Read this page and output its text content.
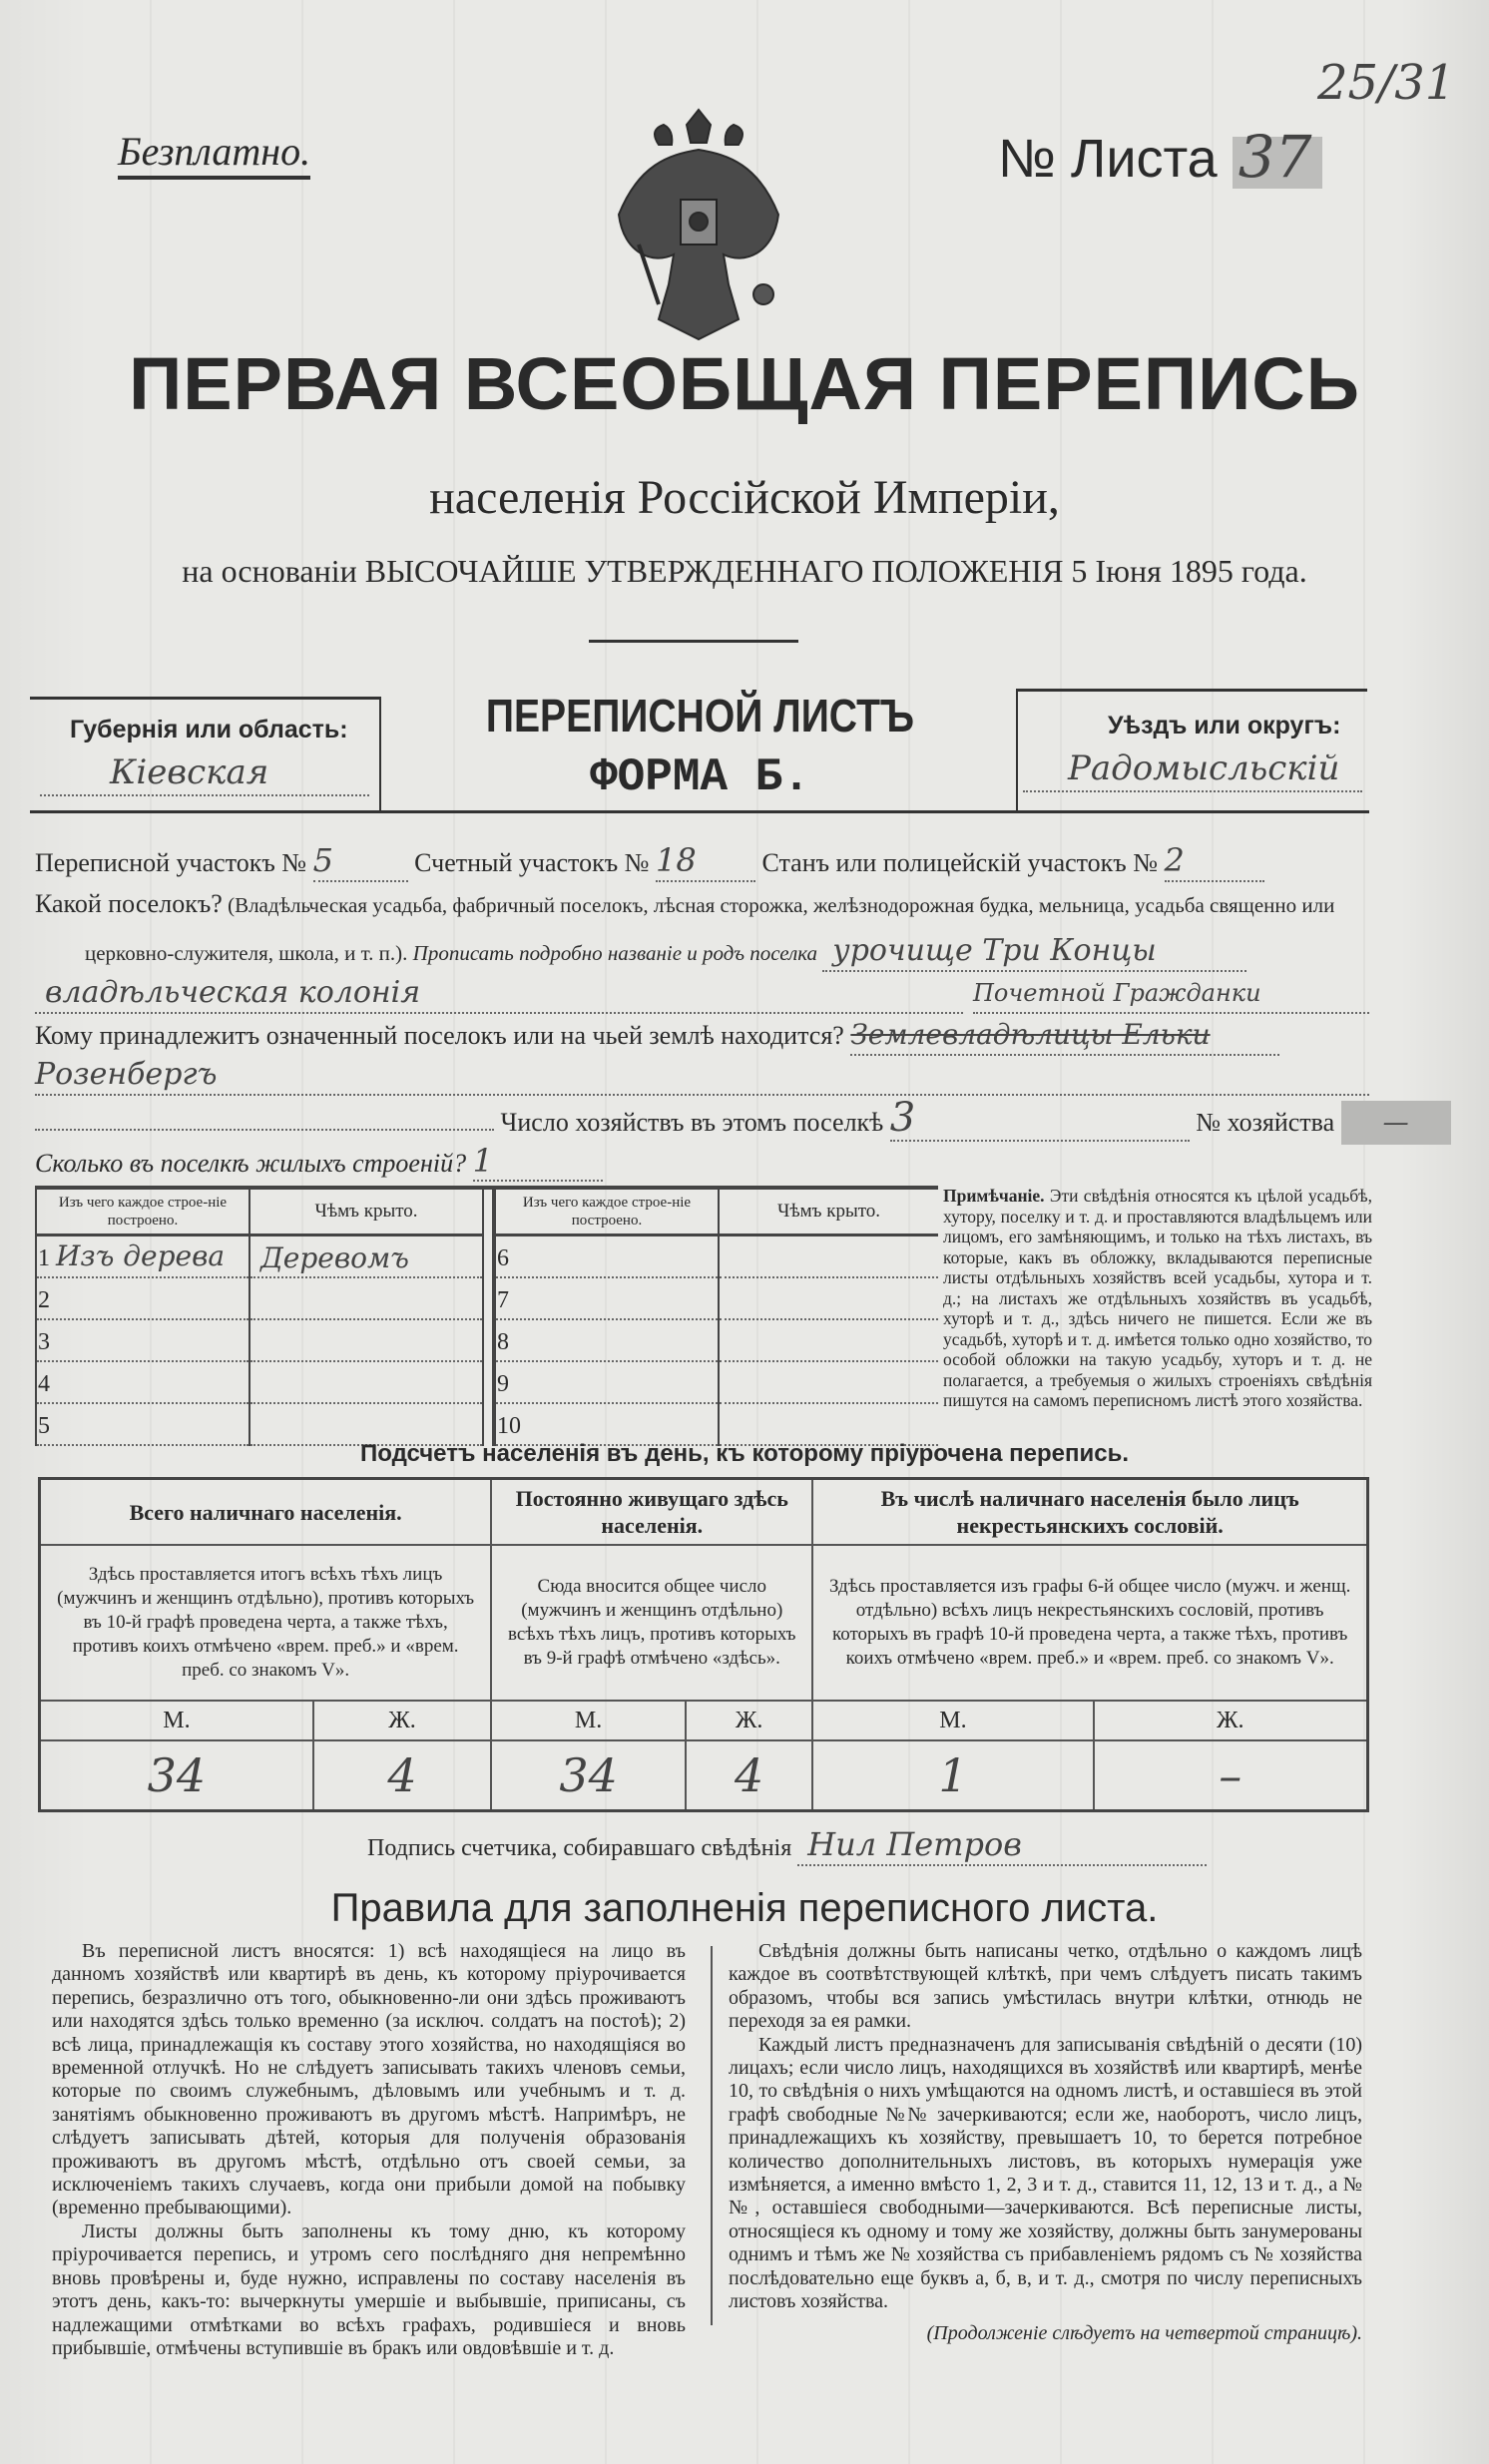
Безплатно.	№ Листа 37
25/31
ПЕРВАЯ ВСЕОБЩАЯ ПЕРЕПИСЬ
населенія Россійской Имперіи,
на основаніи ВЫСОЧАЙШЕ УТВЕРЖДЕННАГО ПОЛОЖЕНІЯ 5 Іюня 1895 года.
Губернія или область:
Кіевская
ПЕРЕПИСНОЙ ЛИСТЪ
ФОРМА Б.
Уѣздъ или округъ:
Радомысльскій
Переписной участокъ № 5	Счетный участокъ № 18	Станъ или полицейскій участокъ № 2
Какой поселокъ? (Владѣльческая усадьба, фабричный поселокъ, лѣсная сторожка, желѣзнодорожная будка, мельница, усадьба священно или
церковно-служителя, школа, и т. п.). Прописать подробно названіе и родъ поселка урочище Три Концы
владѣльческая колонія	Почетной Гражданки
Кому принадлежитъ означенный поселокъ или на чьей землѣ находится? Землевладѣлицы Ельки
Розенбергъ
Число хозяйствъ въ этомъ поселкѣ 3	№ хозяйства —
Сколько въ поселкѣ жилыхъ строеній? 1
Изъ чего каждое строе-ніе построено.	Чѣмъ крыто.
1 Изъ дерева	Деревомъ
2	
3	
4	
5	
Изъ чего каждое строе-ніе построено.	Чѣмъ крыто.
6	
7	
8	
9	
10	
Примѣчаніе. Эти свѣдѣнія относятся къ цѣлой усадьбѣ, хутору, поселку и т. д. и проставляются владѣльцемъ или лицомъ, его замѣняющимъ, и только на тѣхъ листахъ, въ которые, какъ въ обложку, вкладываются переписные листы отдѣльныхъ хозяйствъ всей усадьбы, хутора и т. д.; на листахъ же отдѣльныхъ хозяйствъ въ усадьбѣ, хуторѣ и т. д., здѣсь ничего не пишется. Если же въ усадьбѣ, хуторѣ и т. д. имѣется только одно хозяйство, то особой обложки на такую усадьбу, хуторъ и т. д. не полагается, а требуемыя о жилыхъ строеніяхъ свѣдѣнія пишутся на самомъ переписномъ листѣ этого хозяйства.
Подсчетъ населенія въ день, къ которому пріурочена перепись.
Всего наличнаго населенія.		Постоянно живущаго здѣсь населенія.		Въ числѣ наличнаго населенія было лицъ некрестьянскихъ сословій.	
Здѣсь проставляется итогъ всѣхъ тѣхъ лицъ (мужчинъ и женщинъ отдѣльно), противъ которыхъ въ 10-й графѣ проведена черта, а также тѣхъ, противъ коихъ отмѣчено «врем. преб.» и «врем. преб. со знакомъ V».		Сюда вносится общее число (мужчинъ и женщинъ отдѣльно) всѣхъ тѣхъ лицъ, противъ которыхъ въ 9-й графѣ отмѣчено «здѣсь».		Здѣсь проставляется изъ графы 6-й общее число (мужч. и женщ. отдѣльно) всѣхъ лицъ некрестьянскихъ сословій, противъ которыхъ въ графѣ 10-й проведена черта, а также тѣхъ, противъ коихъ отмѣчено «врем. преб.» и «врем. преб. со знакомъ V».	
М.	Ж.	М.	Ж.	М.	Ж.
34	4	34	4	1	–
Подпись счетчика, собиравшаго свѣдѣнія Нил Петров
Правила для заполненія переписного листа.

Въ переписной листъ вносятся: 1) всѣ находящіеся на лицо въ данномъ хозяйствѣ или квартирѣ въ день, къ которому пріурочивается перепись, безразлично отъ того, обыкновенно-ли они здѣсь проживаютъ или находятся здѣсь только временно (за исключ. солдатъ на постоѣ); 2) всѣ лица, принадлежащія къ составу этого хозяйства, но находящіяся во временной отлучкѣ. Но не слѣдуетъ записывать такихъ членовъ семьи, которые по своимъ служебнымъ, дѣловымъ или учебнымъ и т. д. занятіямъ обыкновенно проживаютъ въ другомъ мѣстѣ. Напримѣръ, не слѣдуетъ записывать дѣтей, которыя для полученія образованія проживаютъ въ другомъ мѣстѣ, отдѣльно отъ своей семьи, за исключеніемъ такихъ случаевъ, когда они прибыли домой на побывку (временно пребывающими).

Листы должны быть заполнены къ тому дню, къ которому пріурочивается перепись, и утромъ сего послѣдняго дня непремѣнно вновь провѣрены и, буде нужно, исправлены по составу населенія въ этотъ день, какъ-то: вычеркнуты умершіе и выбывшіе, приписаны, съ надлежащими отмѣтками во всѣхъ графахъ, родившіеся и вновь прибывшіе, отмѣчены вступившіе въ бракъ или овдовѣвшіе и т. д.

Свѣдѣнія должны быть написаны четко, отдѣльно о каждомъ лицѣ каждое въ соотвѣтствующей клѣткѣ, при чемъ слѣдуетъ писать такимъ образомъ, чтобы вся запись умѣстилась внутри клѣтки, отнюдь не переходя за ея рамки.

Каждый листъ предназначенъ для записыванія свѣдѣній о десяти (10) лицахъ; если число лицъ, находящихся въ хозяйствѣ или квартирѣ, менѣе 10, то свѣдѣнія о нихъ умѣщаются на одномъ листѣ, и оставшіеся въ этой графѣ свободные №№ зачеркиваются; если же, наоборотъ, число лицъ, принадлежащихъ къ хозяйству, превышаетъ 10, то берется потребное количество дополнительныхъ листовъ, въ которыхъ нумерація уже измѣняется, а именно вмѣсто 1, 2, 3 и т. д., ставится 11, 12, 13 и т. д., а №№, оставшіеся свободными—зачеркиваются. Всѣ переписные листы, относящіеся къ одному и тому же хозяйству, должны быть занумерованы однимъ и тѣмъ же № хозяйства съ прибавленіемъ рядомъ съ № хозяйства послѣдовательно еще буквъ а, б, в, и т. д., смотря по числу переписныхъ листовъ хозяйства.

(Продолженіе слѣдуетъ на четвертой страницѣ).
